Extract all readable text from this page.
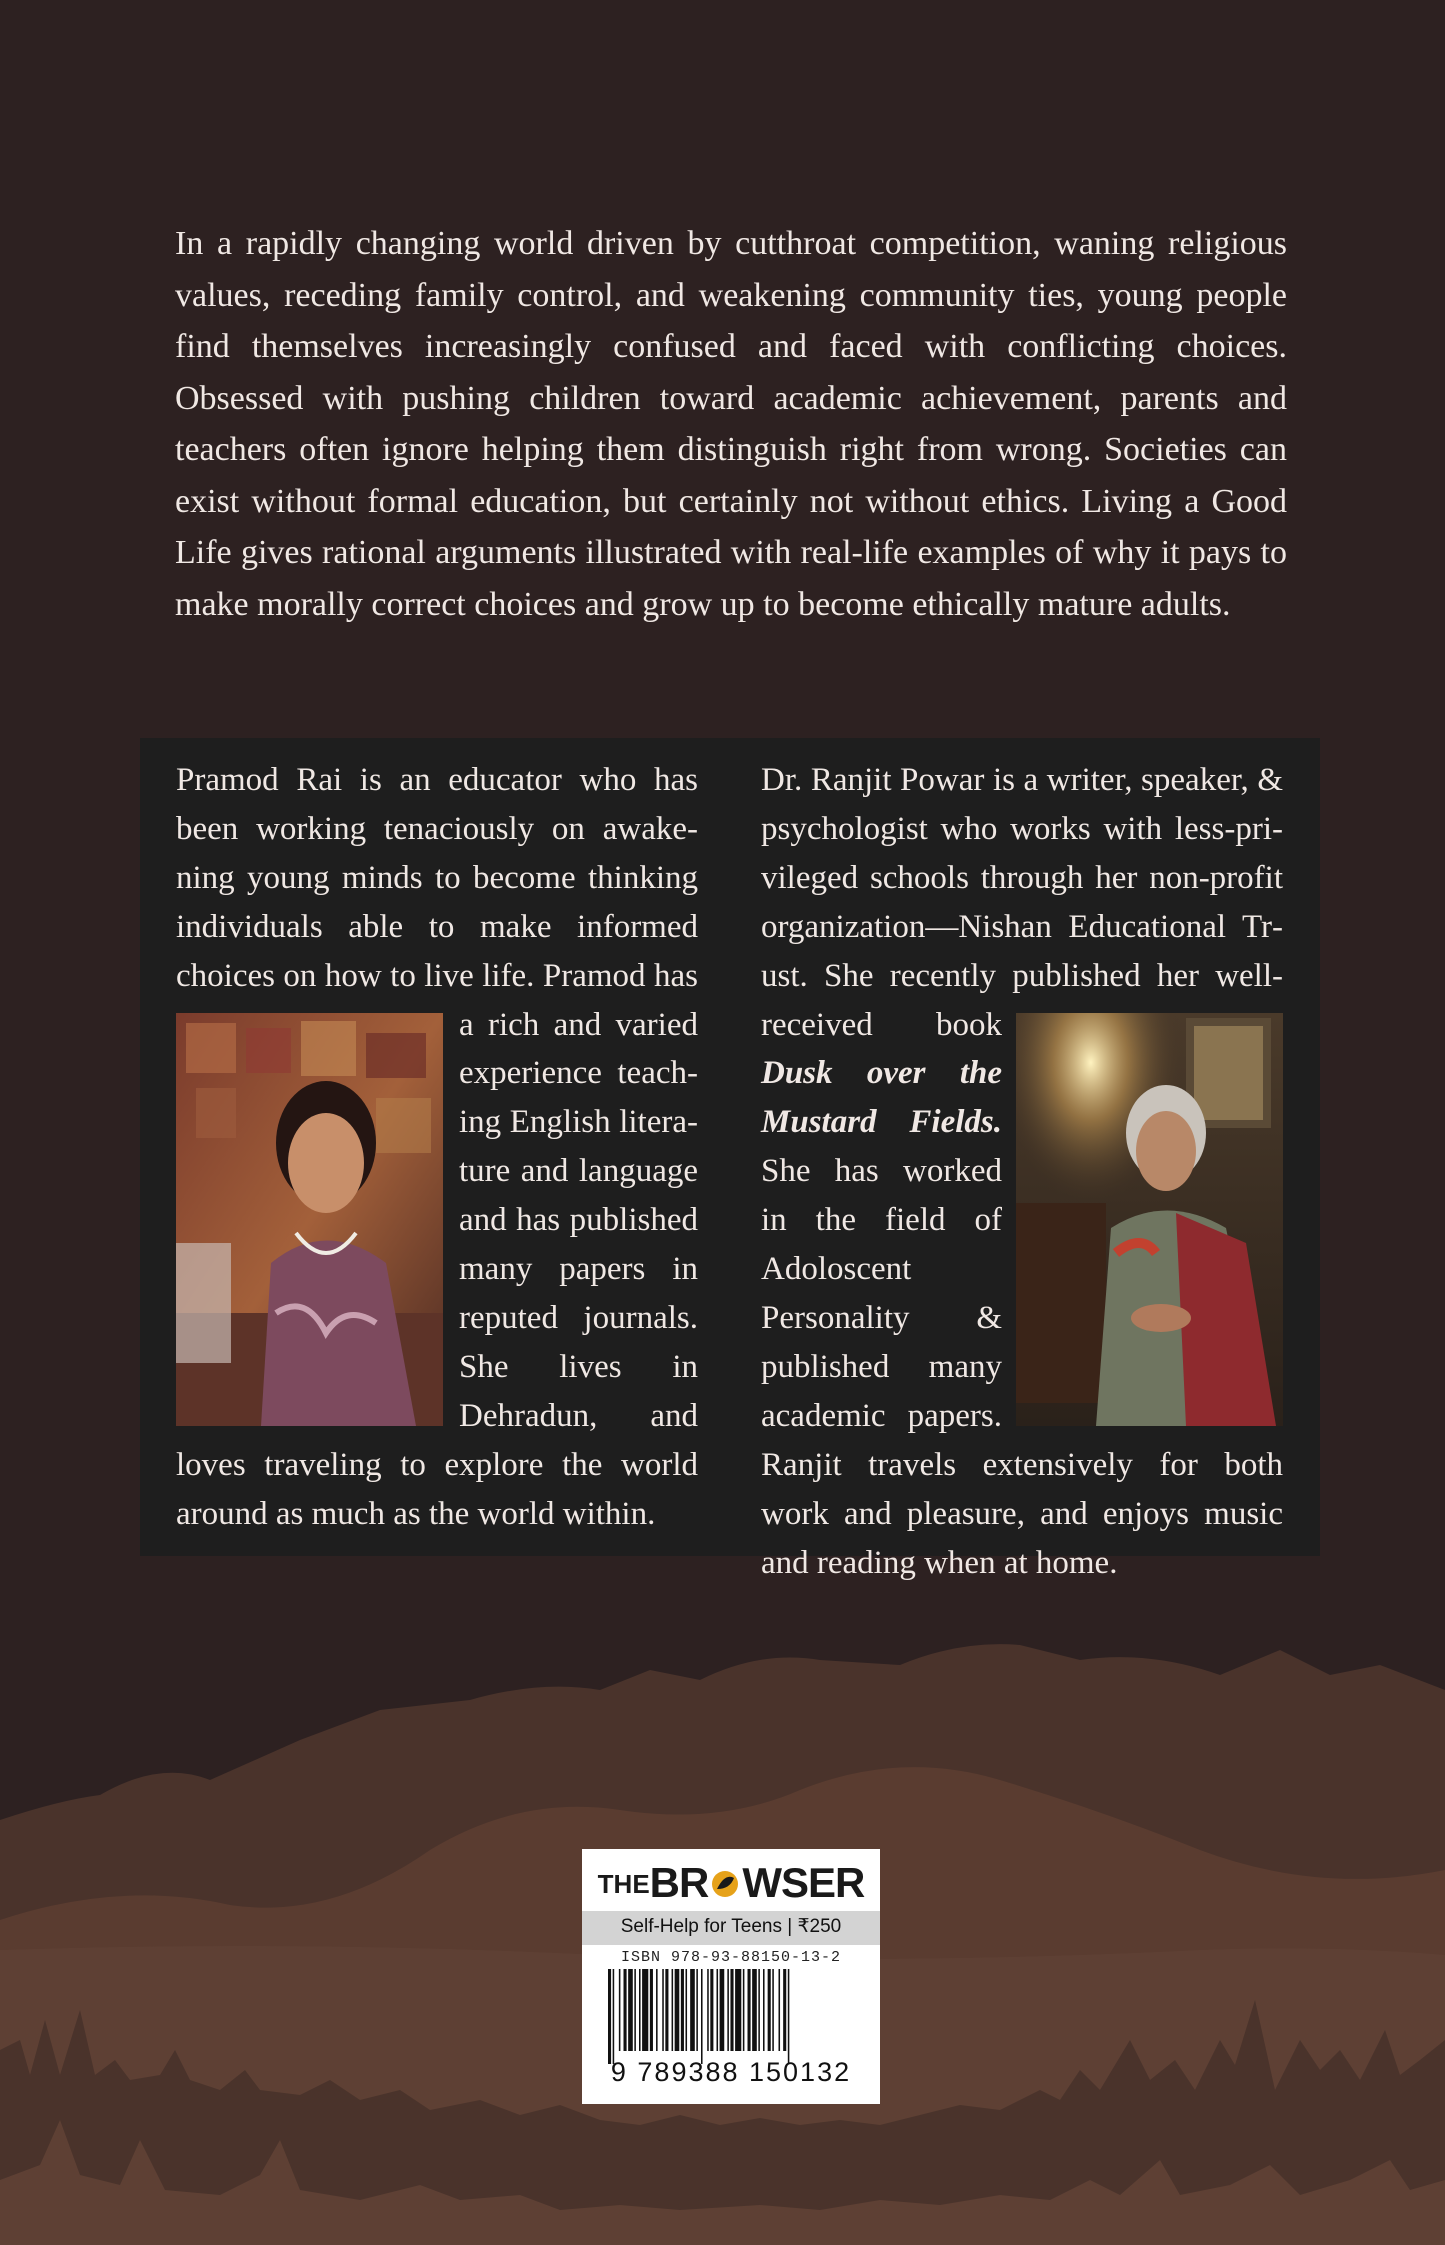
In a rapidly changing world driven by cutthroat competition, waning religious values, receding family control, and weakening community ties, young people find themselves increasingly confused and faced with conflicting choices. Obsessed with pushing children toward academic achievement, parents and teachers often ignore helping them distinguish right from wrong. Societies can exist without formal education, but certainly not without ethics. Living a Good Life gives rational arguments illustrated with real-life examples of why it pays to make morally correct choices and grow up to become ethically mature adults.

Pramod Rai is an educator who has been working tenaciously on awakening young minds to become thinking individuals able to make informed choices on how to live life. Pramod has
a rich and varied experience teaching English literature and language and has published many papers in reputed journals. She lives in Dehradun, and loves traveling to explore the world around as much as the world within.

Dr. Ranjit Powar is a writer, speaker, & psychologist who works with less-privileged schools through her non-profit organization—Nishan Educational Trust. She recently published her well-
received book Dusk over the Mustard Fields. She has worked in the field of Adoloscent Personality & published many academic papers. Ranjit travels extensively for both work and pleasure, and enjoys music and reading when at home.

THEBR WSER
Self-Help for Teens | ₹250
ISBN 978-93-88150-13-2
9 789388 150132
